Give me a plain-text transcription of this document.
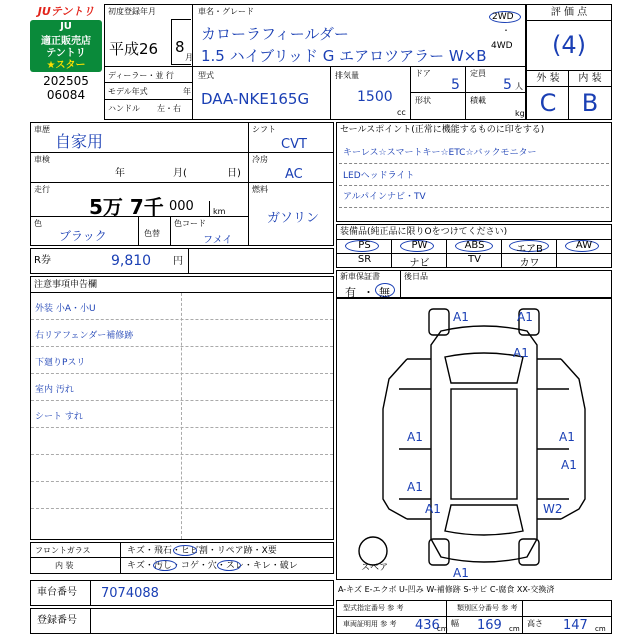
JUテントリ
JU
適正販売店
テントリ
★スター
202505
06084
初度登録年月
平成26 8
月
ディーラー・並 行
モデル年式	年
ハンドル 左・右
車名・グレード
カローラフィールダー
1.5 ハイブリッド G エアロツアラー W×B
2WD
・
4WD
型式
DAA-NKE165G
排気量
1500
cc
ドア
5
定員
5 人
形状	積載
kg
評 価 点
(4)
外 装	内 装
C	B
車歴
自家用
車検
年	月(	日)
走行
5万 7千 000 km
色
ブラック	色替
色コード
フメイ
シフト
CVT
冷房
AC
燃料
ガソリン
R券	9,810 円
セールスポイント(正常に機能するものに印をする)
キーレス☆スマートキー☆ETC☆バックモニター
LEDヘッドライト
アルパインナビ・TV
装備品(純正品に限りOをつけてください)
PS	PW	ABS	エアB	AW
SR	ナビ	TV	カワ
新車保証書
有 ・ 無
後日品
注意事項申告欄
外装 小A・小U
右リアフェンダー補修跡
下廻りPスリ
室内 汚れ
シート すれ
A1	A1
A1
A1	A1
A1
A1
A1	W2
A1
スペア
フロントガラス	キズ・飛石・ヒビ割・リペア跡・X要
内 装	キズ・汚し・コゲ・穴・スレ・キレ・破レ
車台番号 7074088
登録番号
A-キズ E-エクボ U-凹み W-補修跡 S-サビ C-腐食 XX-交換済
型式指定番号 参 考
車両証明用 参 考 436
cm
幅 169 cm
類別区分番号 参 考
高さ 147 cm
